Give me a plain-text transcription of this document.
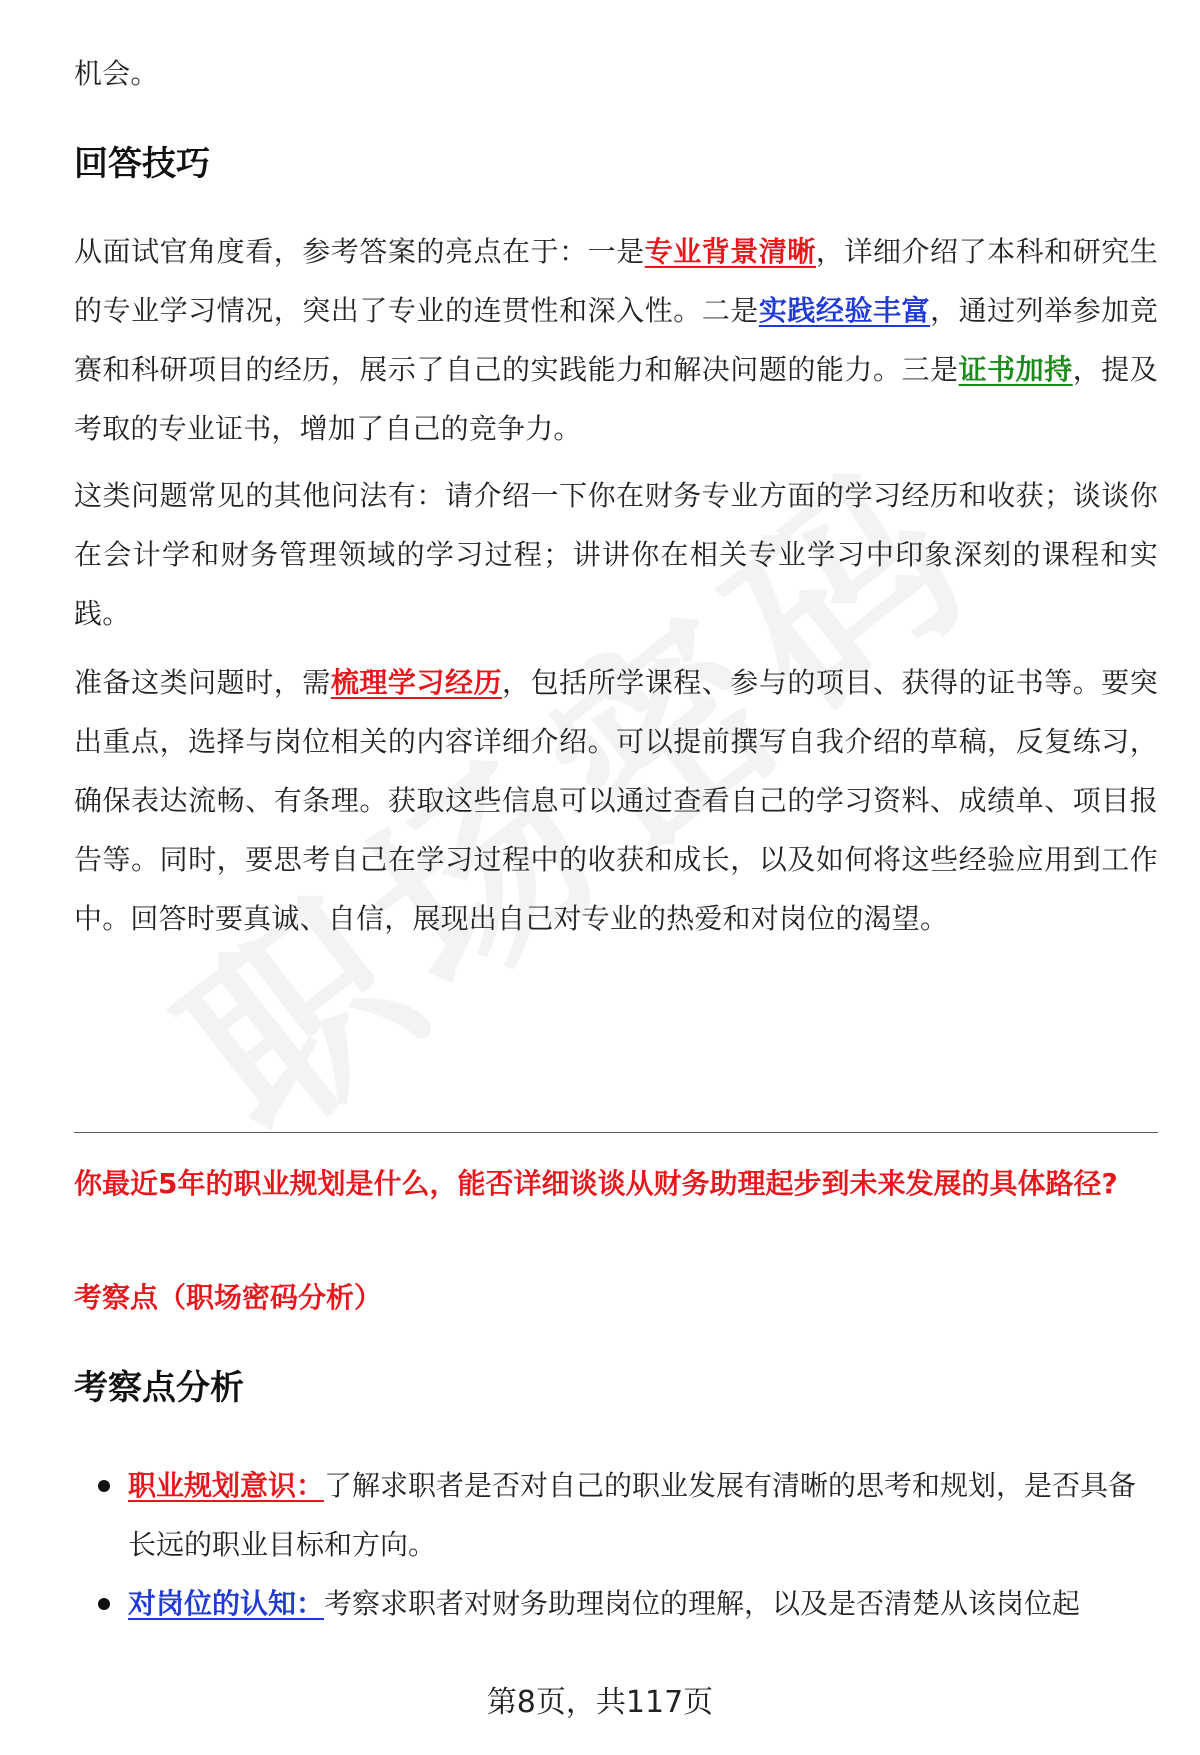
机会。

回答技巧

从面试官角度看，参考答案的亮点在于：一是专业背景清晰，详细介绍了本科和研究生的专业学习情况，突出了专业的连贯性和深入性。二是实践经验丰富，通过列举参加竞赛和科研项目的经历，展示了自己的实践能力和解决问题的能力。三是证书加持，提及考取的专业证书，增加了自己的竞争力。

这类问题常见的其他问法有：请介绍一下你在财务专业方面的学习经历和收获；谈谈你在会计学和财务管理领域的学习过程；讲讲你在相关专业学习中印象深刻的课程和实践。

准备这类问题时，需梳理学习经历，包括所学课程、参与的项目、获得的证书等。要突出重点，选择与岗位相关的内容详细介绍。可以提前撰写自我介绍的草稿，反复练习，确保表达流畅、有条理。获取这些信息可以通过查看自己的学习资料、成绩单、项目报告等。同时，要思考自己在学习过程中的收获和成长，以及如何将这些经验应用到工作中。回答时要真诚、自信，展现出自己对专业的热爱和对岗位的渴望。

你最近5年的职业规划是什么，能否详细谈谈从财务助理起步到未来发展的具体路径?

考察点（职场密码分析）

考察点分析
职业规划意识：了解求职者是否对自己的职业发展有清晰的思考和规划，是否具备长远的职业目标和方向。
对岗位的认知：考察求职者对财务助理岗位的理解，以及是否清楚从该岗位起
第8页，共117页
